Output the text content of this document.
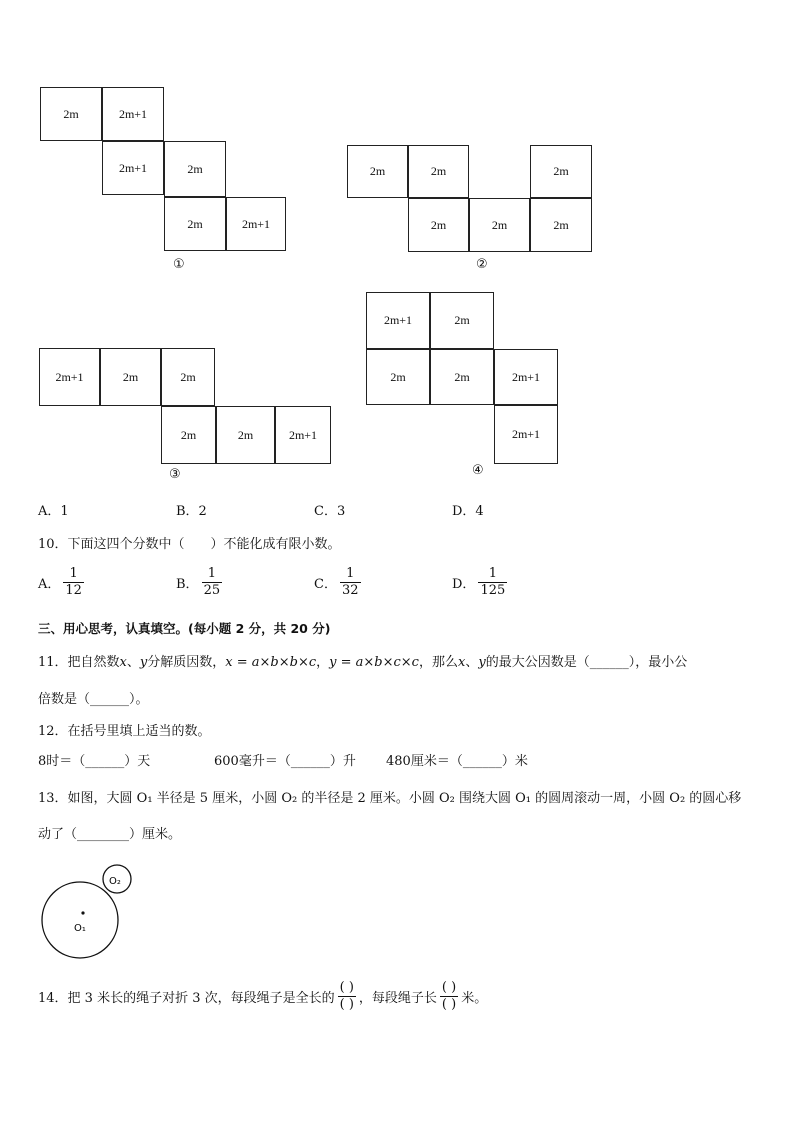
2m	2m+1
2m+1	2m
2m	2m+1
①
2m	2m	2m
2m	2m	2m
②
2m+1	2m	2m
2m	2m	2m+1
③
2m+1	2m
2m	2m	2m+1
2m+1
④
A．1	B．2	C．3	D．4
10．下面这四个分数中（　　）不能化成有限小数。
A． $\frac{1}{12}$	B． $\frac{1}{25}$	C． $\frac{1}{32}$	D． $\frac{1}{125}$
三、用心思考，认真填空。(每小题 2 分，共 20 分)
11．把自然数x、y分解质因数，x = a×b×b×c，y = a×b×c×c，那么x、y的最大公因数是（______），最小公
倍数是（______）。
12．在括号里填上适当的数。
8时＝（______）天	600毫升＝（______）升 480厘米＝（______）米
13．如图，大圆 O₁ 半径是 5 厘米，小圆 O₂ 的半径是 2 厘米。小圆 O₂ 围绕大圆 O₁ 的圆周滚动一周，小圆 O₂ 的圆心移
动了（________）厘米。
O₁
O₂
14．把 3 米长的绳子对折 3 次，每段绳子是全长的 $\frac{( )}{( )}$ ，每段绳子长 $\frac{( )}{( )}$ 米。
